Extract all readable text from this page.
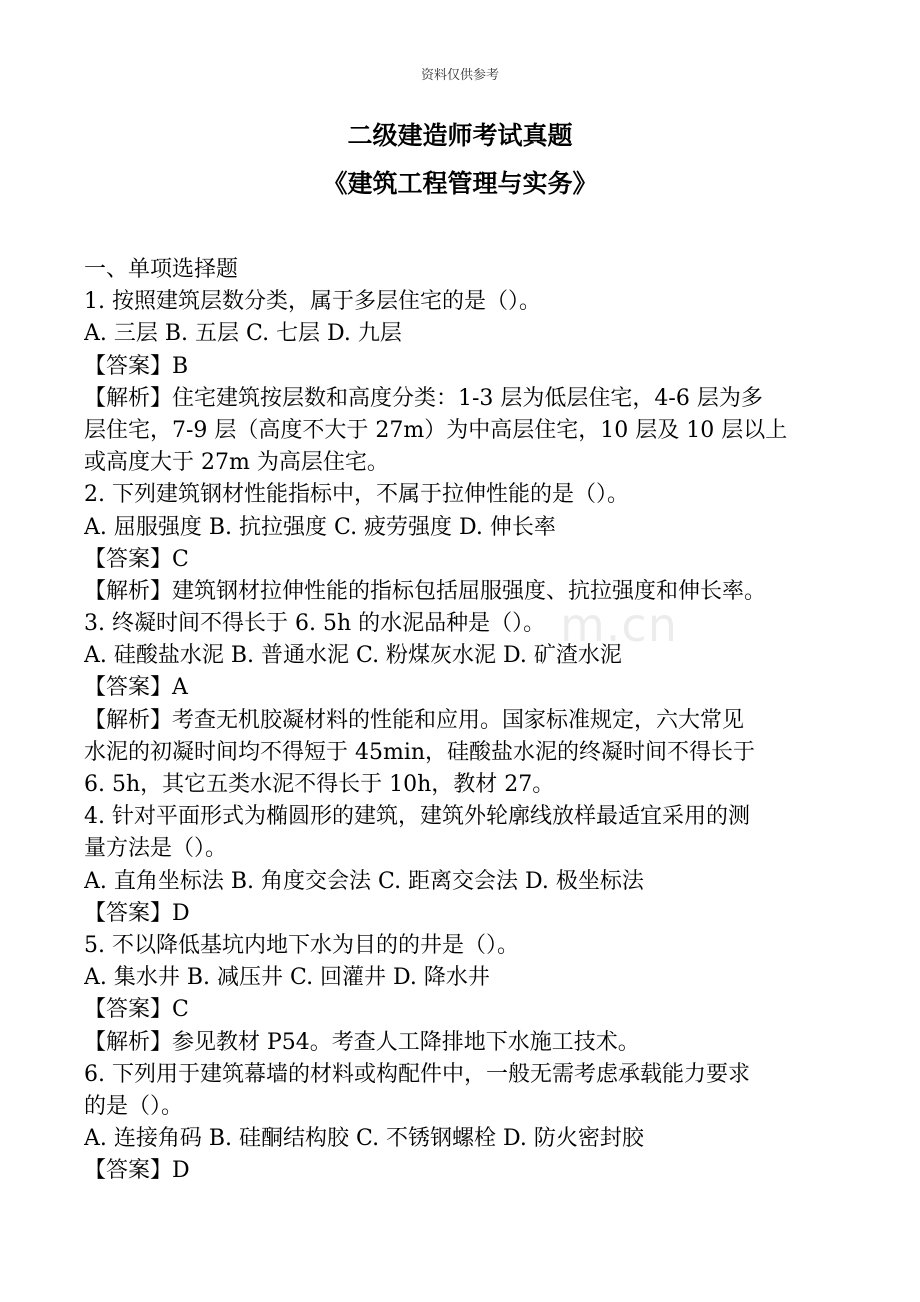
资料仅供参考
二级建造师考试真题
《建筑工程管理与实务》
m.cn
一、单项选择题
1. 按照建筑层数分类，属于多层住宅的是（）。
A. 三层 B. 五层 C. 七层 D. 九层
【答案】B
【解析】住宅建筑按层数和高度分类：1-3 层为低层住宅，4-6 层为多
层住宅，7-9 层（高度不大于 27m）为中高层住宅，10 层及 10 层以上
或高度大于 27m 为高层住宅。
2. 下列建筑钢材性能指标中，不属于拉伸性能的是（）。
A. 屈服强度 B. 抗拉强度 C. 疲劳强度 D. 伸长率
【答案】C
【解析】建筑钢材拉伸性能的指标包括屈服强度、抗拉强度和伸长率。
3. 终凝时间不得长于 6. 5h 的水泥品种是（）。
A. 硅酸盐水泥 B. 普通水泥 C. 粉煤灰水泥 D. 矿渣水泥
【答案】A
【解析】考查无机胶凝材料的性能和应用。国家标准规定，六大常见
水泥的初凝时间均不得短于 45min，硅酸盐水泥的终凝时间不得长于
6. 5h，其它五类水泥不得长于 10h，教材 27。
4. 针对平面形式为椭圆形的建筑，建筑外轮廓线放样最适宜采用的测
量方法是（）。
A. 直角坐标法 B. 角度交会法 C. 距离交会法 D. 极坐标法
【答案】D
5. 不以降低基坑内地下水为目的的井是（）。
A. 集水井 B. 减压井 C. 回灌井 D. 降水井
【答案】C
【解析】参见教材 P54。考查人工降排地下水施工技术。
6. 下列用于建筑幕墙的材料或构配件中，一般无需考虑承载能力要求
的是（）。
A. 连接角码 B. 硅酮结构胶 C. 不锈钢螺栓 D. 防火密封胶
【答案】D
